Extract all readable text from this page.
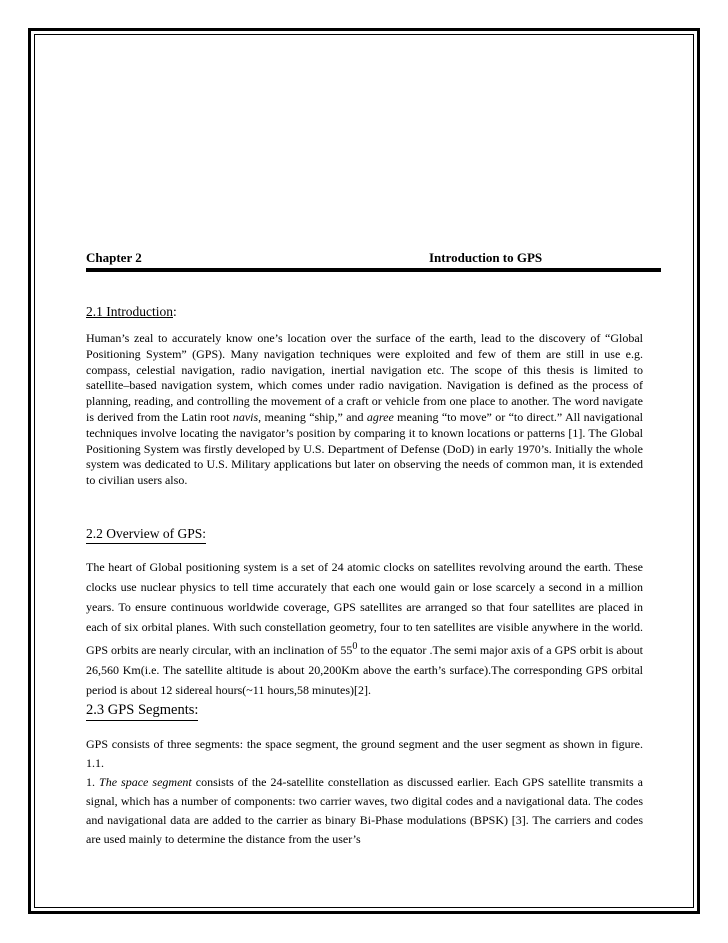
Chapter 2	Introduction to GPS
2.1 Introduction:

Human’s zeal to accurately know one’s location over the surface of the earth, lead to the discovery of “Global Positioning System” (GPS). Many navigation techniques were exploited and few of them are still in use e.g. compass, celestial navigation, radio navigation, inertial navigation etc. The scope of this thesis is limited to satellite–based navigation system, which comes under radio navigation. Navigation is defined as the process of planning, reading, and controlling the movement of a craft or vehicle from one place to another. The word navigate is derived from the Latin root navis, meaning “ship,” and agree meaning “to move” or “to direct.” All navigational techniques involve locating the navigator’s position by comparing it to known locations or patterns [1]. The Global Positioning System was firstly developed by U.S. Department of Defense (DoD) in early 1970’s. Initially the whole system was dedicated to U.S. Military applications but later on observing the needs of common man, it is extended to civilian users also.

2.2 Overview of GPS:

The heart of Global positioning system is a set of 24 atomic clocks on satellites revolving around the earth. These clocks use nuclear physics to tell time accurately that each one would gain or lose scarcely a second in a million years. To ensure continuous worldwide coverage, GPS satellites are arranged so that four satellites are placed in each of six orbital planes. With such constellation geometry, four to ten satellites are visible anywhere in the world. GPS orbits are nearly circular, with an inclination of $55^0$ to the equator .The semi major axis of a GPS orbit is about 26,560 Km(i.e. The satellite altitude is about 20,200Km above the earth’s surface).The corresponding GPS orbital period is about 12 sidereal hours(~11 hours,58 minutes)[2].

2.3 GPS Segments:

GPS consists of three segments: the space segment, the ground segment and the user segment as shown in figure. 1.1.

1. The space segment consists of the 24-satellite constellation as discussed earlier. Each GPS satellite transmits a signal, which has a number of components: two carrier waves, two digital codes and a navigational data. The codes and navigational data are added to the carrier as binary Bi-Phase modulations (BPSK) [3]. The carriers and codes are used mainly to determine the distance from the user’s
